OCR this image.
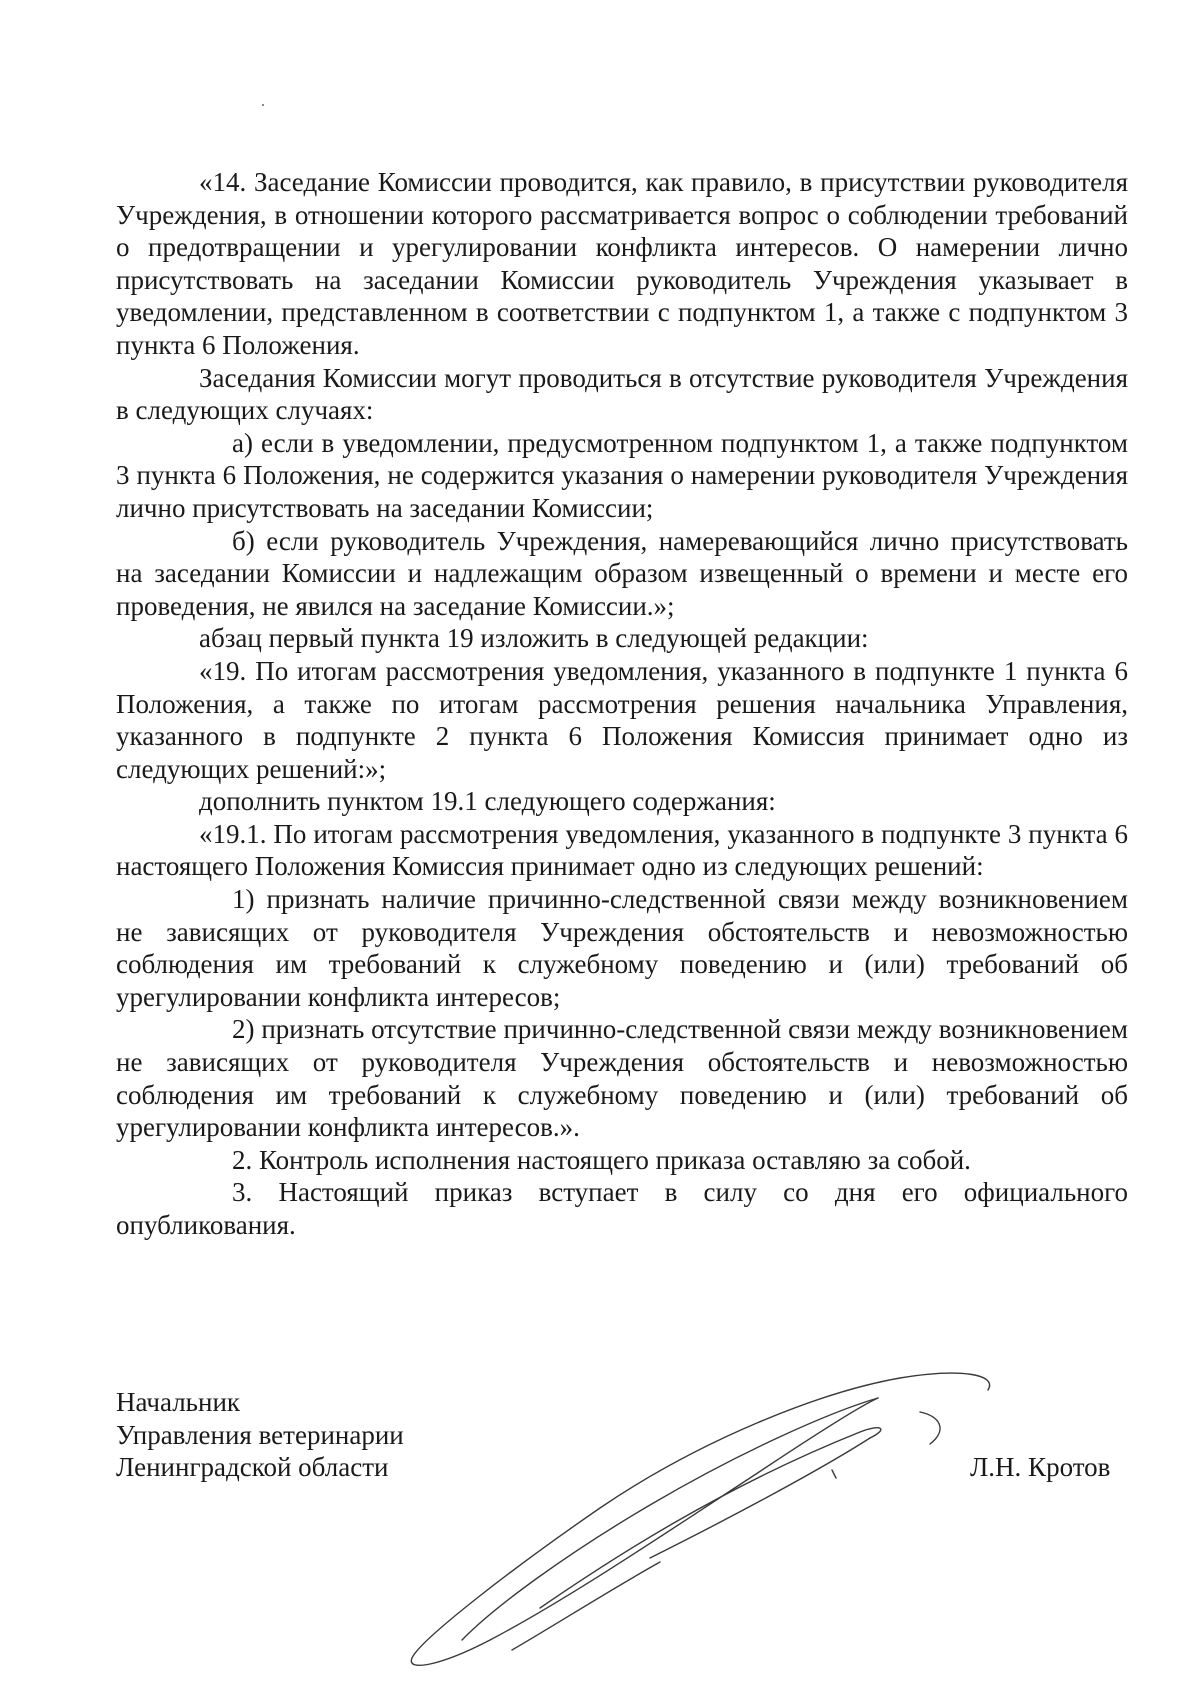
«14. Заседание Комиссии проводится, как правило, в присутствии руководителя Учреждения, в отношении которого рассматривается вопрос о соблюдении требований о предотвращении и урегулировании конфликта интересов. О намерении лично присутствовать на заседании Комиссии руководитель Учреждения указывает в уведомлении, представленном в соответствии с подпунктом 1, а также с подпунктом 3 пункта 6 Положения.

Заседания Комиссии могут проводиться в отсутствие руководителя Учреждения в следующих случаях:

а) если в уведомлении, предусмотренном подпунктом 1, а также подпунктом 3 пункта 6 Положения, не содержится указания о намерении руководителя Учреждения лично присутствовать на заседании Комиссии;

б) если руководитель Учреждения, намеревающийся лично присутствовать на заседании Комиссии и надлежащим образом извещенный о времени и месте его проведения, не явился на заседание Комиссии.»;

абзац первый пункта 19 изложить в следующей редакции:

«19. По итогам рассмотрения уведомления, указанного в подпункте 1 пункта 6 Положения, а также по итогам рассмотрения решения начальника Управления, указанного в подпункте 2 пункта 6 Положения Комиссия принимает одно из следующих решений:»;

дополнить пунктом 19.1 следующего содержания:

«19.1. По итогам рассмотрения уведомления, указанного в подпункте 3 пункта 6 настоящего Положения Комиссия принимает одно из следующих решений:

1) признать наличие причинно-следственной связи между возникновением не зависящих от руководителя Учреждения обстоятельств и невозможностью соблюдения им требований к служебному поведению и (или) требований об урегулировании конфликта интересов;

2) признать отсутствие причинно-следственной связи между возникновением не зависящих от руководителя Учреждения обстоятельств и невозможностью соблюдения им требований к служебному поведению и (или) требований об урегулировании конфликта интересов.».

2. Контроль исполнения настоящего приказа оставляю за собой.

3. Настоящий приказ вступает в силу со дня его официального опубликования.

Начальник
Управления ветеринарии
Ленинградской области	Л.Н. Кротов
